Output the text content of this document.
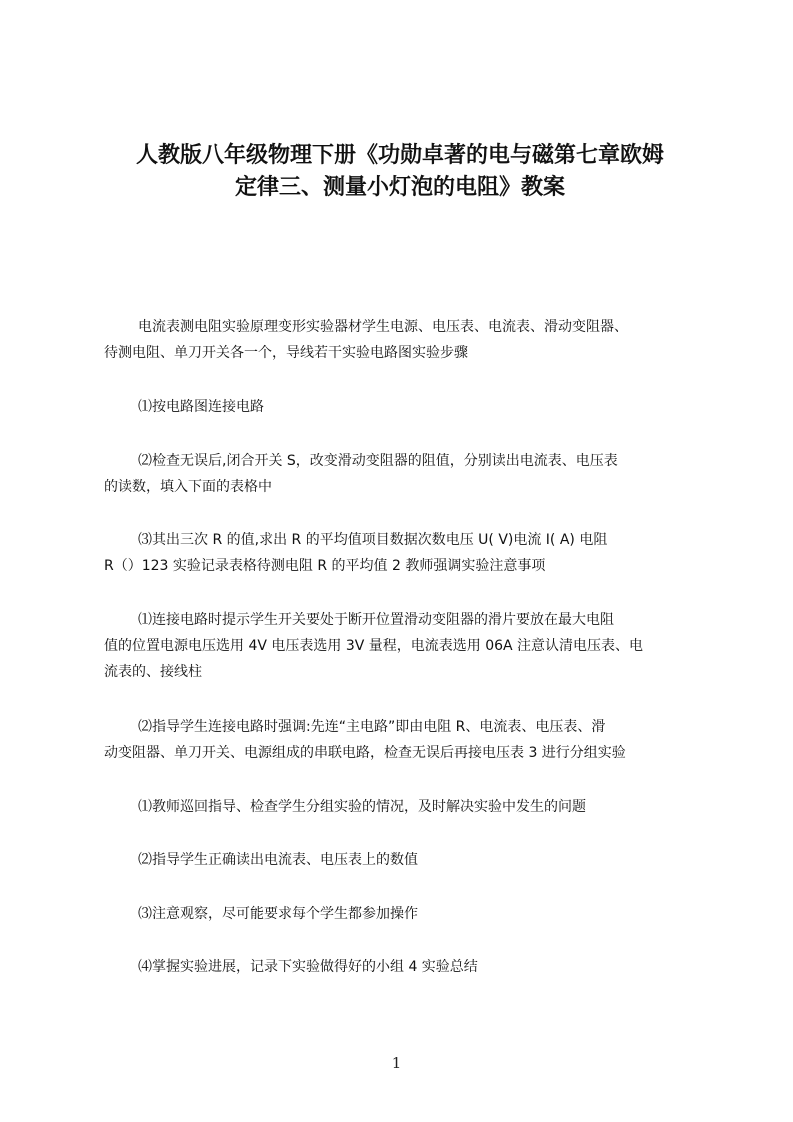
人教版八年级物理下册《功勋卓著的电与磁第七章欧姆
定律三、测量小灯泡的电阻》教案

电流表测电阻实验原理变形实验器材学生电源、电压表、电流表、滑动变阻器、
待测电阻、单刀开关各一个，导线若干实验电路图实验步骤

⑴按电路图连接电路

⑵检查无误后,闭合开关 S，改变滑动变阻器的阻值，分别读出电流表、电压表
的读数，填入下面的表格中

⑶其出三次 R 的值,求出 R 的平均值项目数据次数电压 U( V)电流 I( A) 电阻
R（）123 实验记录表格待测电阻 R 的平均值 2 教师强调实验注意事项

⑴连接电路时提示学生开关要处于断开位置滑动变阻器的滑片要放在最大电阻
值的位置电源电压选用 4V 电压表选用 3V 量程，电流表选用 06A 注意认清电压表、电
流表的、接线柱

⑵指导学生连接电路时强调:先连“主电路”即由电阻 R、电流表、电压表、滑
动变阻器、单刀开关、电源组成的串联电路，检查无误后再接电压表 3 进行分组实验

⑴教师巡回指导、检查学生分组实验的情况，及时解决实验中发生的问题

⑵指导学生正确读出电流表、电压表上的数值

⑶注意观察，尽可能要求每个学生都参加操作

⑷掌握实验进展，记录下实验做得好的小组 4 实验总结

1
